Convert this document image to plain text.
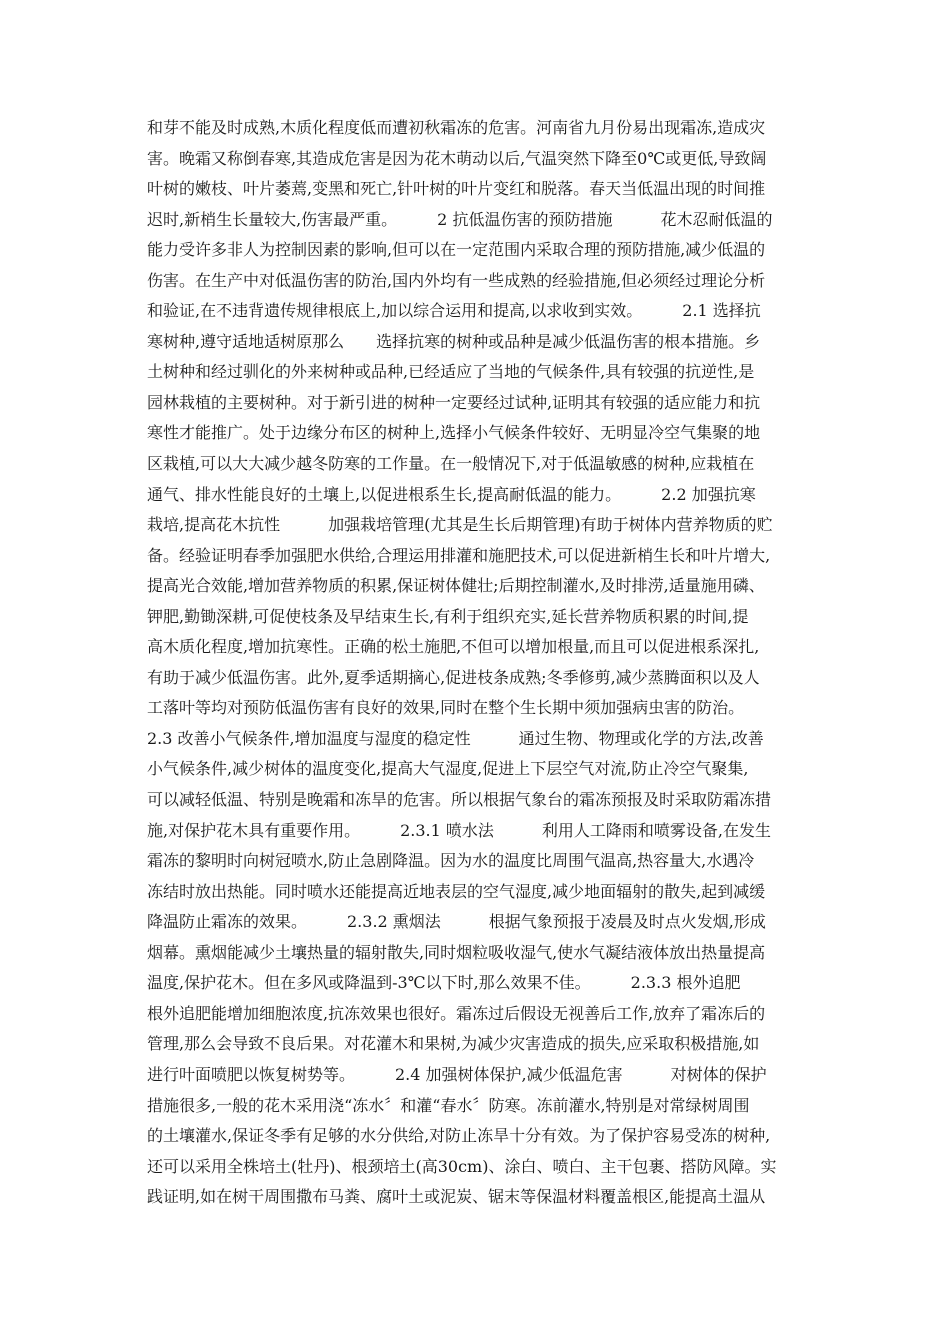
和芽不能及时成熟,木质化程度低而遭初秋霜冻的危害。河南省九月份易出现霜冻,造成灾
害。晚霜又称倒春寒,其造成危害是因为花木萌动以后,气温突然下降至0℃或更低,导致阔
叶树的嫩枝、叶片萎蔫,变黑和死亡,针叶树的叶片变红和脱落。春天当低温出现的时间推
迟时,新梢生长量较大,伤害最严重。　　　2 抗低温伤害的预防措施　　　花木忍耐低温的
能力受许多非人为控制因素的影响,但可以在一定范围内采取合理的预防措施,减少低温的
伤害。在生产中对低温伤害的防治,国内外均有一些成熟的经验措施,但必须经过理论分析
和验证,在不违背遗传规律根底上,加以综合运用和提高,以求收到实效。　　　2.1 选择抗
寒树种,遵守适地适树原那么　　选择抗寒的树种或品种是减少低温伤害的根本措施。乡
土树种和经过驯化的外来树种或品种,已经适应了当地的气候条件,具有较强的抗逆性,是
园林栽植的主要树种。对于新引进的树种一定要经过试种,证明其有较强的适应能力和抗
寒性才能推广。处于边缘分布区的树种上,选择小气候条件较好、无明显冷空气集聚的地
区栽植,可以大大减少越冬防寒的工作量。在一般情况下,对于低温敏感的树种,应栽植在
通气、排水性能良好的土壤上,以促进根系生长,提高耐低温的能力。　　　2.2 加强抗寒
栽培,提高花木抗性　　　加强栽培管理(尤其是生长后期管理)有助于树体内营养物质的贮
备。经验证明春季加强肥水供给,合理运用排灌和施肥技术,可以促进新梢生长和叶片增大,
提高光合效能,增加营养物质的积累,保证树体健壮;后期控制灌水,及时排涝,适量施用磷、
钾肥,勤锄深耕,可促使枝条及早结束生长,有利于组织充实,延长营养物质积累的时间,提
高木质化程度,增加抗寒性。正确的松土施肥,不但可以增加根量,而且可以促进根系深扎,
有助于减少低温伤害。此外,夏季适期摘心,促进枝条成熟;冬季修剪,减少蒸腾面积以及人
工落叶等均对预防低温伤害有良好的效果,同时在整个生长期中须加强病虫害的防治。
2.3 改善小气候条件,增加温度与湿度的稳定性　　　通过生物、物理或化学的方法,改善
小气候条件,减少树体的温度变化,提高大气湿度,促进上下层空气对流,防止冷空气聚集,
可以减轻低温、特别是晚霜和冻旱的危害。所以根据气象台的霜冻预报及时采取防霜冻措
施,对保护花木具有重要作用。　　　2.3.1 喷水法　　　利用人工降雨和喷雾设备,在发生
霜冻的黎明时向树冠喷水,防止急剧降温。因为水的温度比周围气温高,热容量大,水遇冷
冻结时放出热能。同时喷水还能提高近地表层的空气湿度,减少地面辐射的散失,起到减缓
降温防止霜冻的效果。　　　2.3.2 熏烟法　　　根据气象预报于凌晨及时点火发烟,形成
烟幕。熏烟能减少土壤热量的辐射散失,同时烟粒吸收湿气,使水气凝结液体放出热量提高
温度,保护花木。但在多风或降温到-3℃以下时,那么效果不佳。　　　2.3.3 根外追肥　
根外追肥能增加细胞浓度,抗冻效果也很好。霜冻过后假设无视善后工作,放弃了霜冻后的
管理,那么会导致不良后果。对花灌木和果树,为减少灾害造成的损失,应采取积极措施,如
进行叶面喷肥以恢复树势等。　　　2.4 加强树体保护,减少低温危害　　　对树体的保护
措施很多,一般的花木采用浇“冻水〞和灌“春水〞防寒。冻前灌水,特别是对常绿树周围
的土壤灌水,保证冬季有足够的水分供给,对防止冻旱十分有效。为了保护容易受冻的树种,
还可以采用全株培土(牡丹)、根颈培土(高30cm)、涂白、喷白、主干包裹、搭防风障。实
践证明,如在树干周围撒布马粪、腐叶土或泥炭、锯末等保温材料覆盖根区,能提高土温从
